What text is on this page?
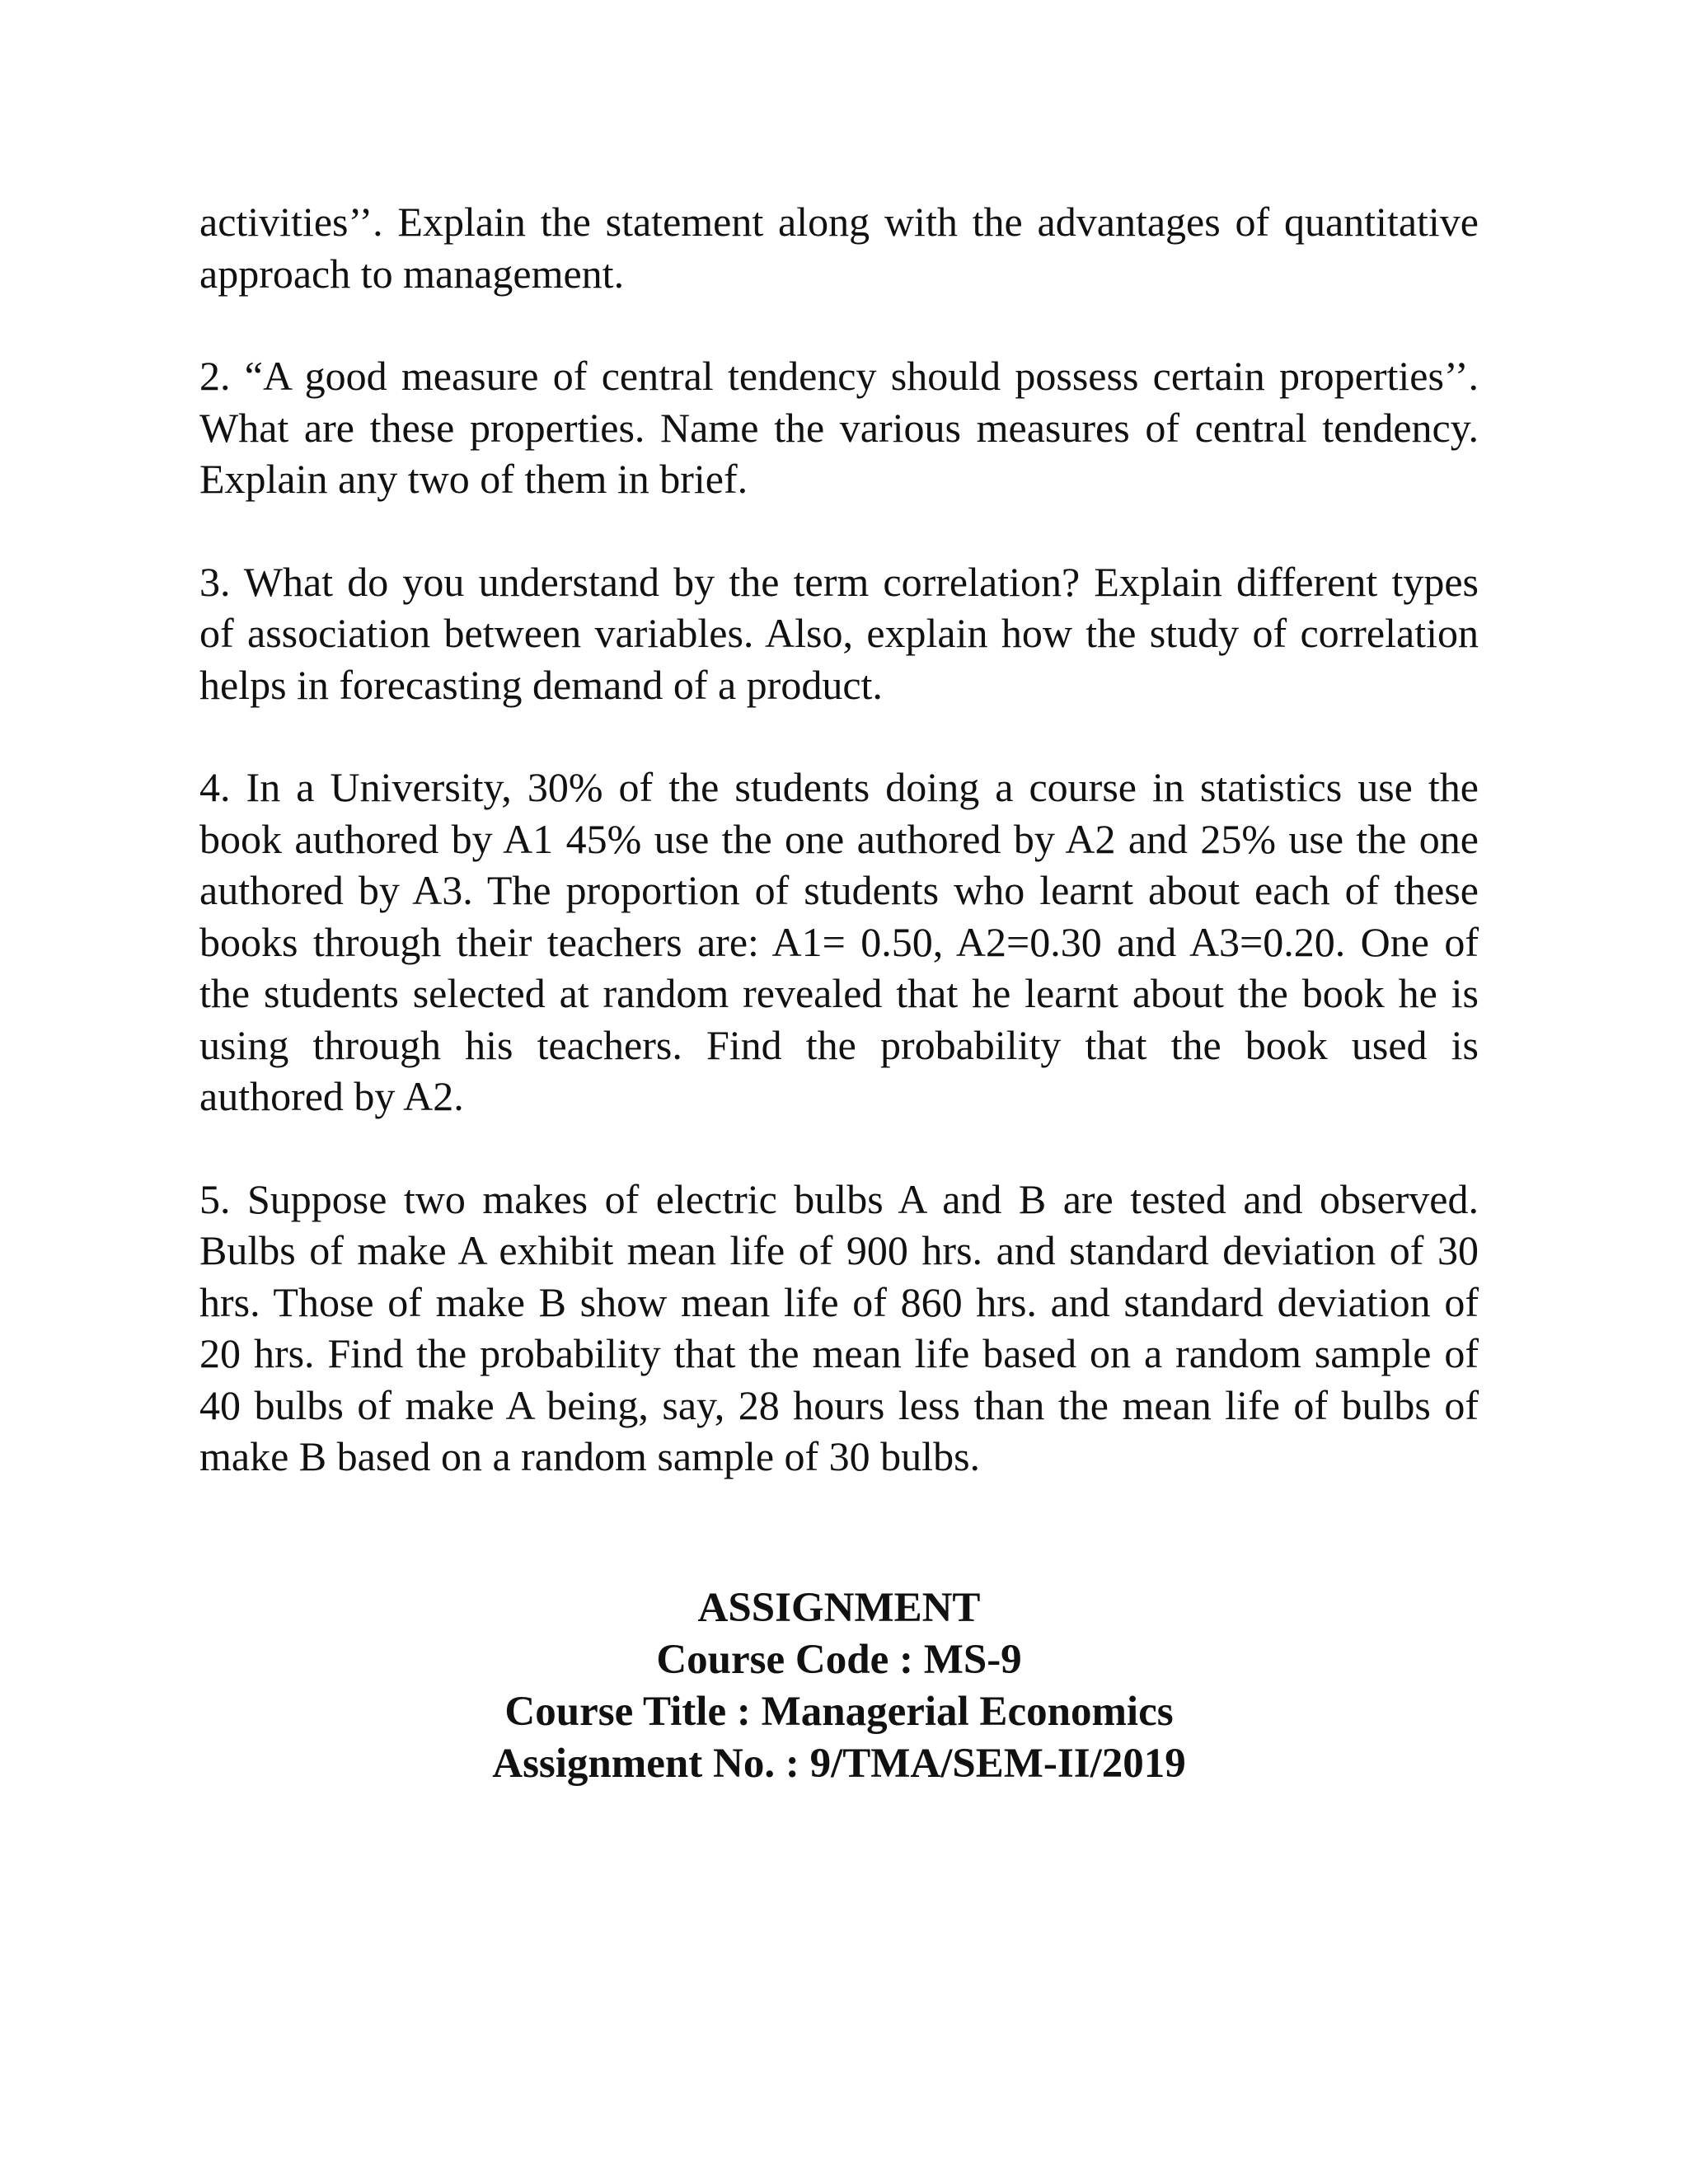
activities’’. Explain the statement along with the advantages of quantitative approach to management.

2. “A good measure of central tendency should possess certain properties’’. What are these properties. Name the various measures of central tendency. Explain any two of them in brief.

3. What do you understand by the term correlation? Explain different types of association between variables. Also, explain how the study of correlation helps in forecasting demand of a product.

4. In a University, 30% of the students doing a course in statistics use the book authored by A1 45% use the one authored by A2 and 25% use the one authored by A3. The proportion of students who learnt about each of these books through their teachers are: A1= 0.50, A2=0.30 and A3=0.20. One of the students selected at random revealed that he learnt about the book he is using through his teachers. Find the probability that the book used is authored by A2.

5. Suppose two makes of electric bulbs A and B are tested and observed. Bulbs of make A exhibit mean life of 900 hrs. and standard deviation of 30 hrs. Those of make B show mean life of 860 hrs. and standard deviation of 20 hrs. Find the probability that the mean life based on a random sample of 40 bulbs of make A being, say, 28 hours less than the mean life of bulbs of make B based on a random sample of 30 bulbs.

ASSIGNMENT
Course Code : MS-9
Course Title : Managerial Economics
Assignment No. : 9/TMA/SEM-II/2019
